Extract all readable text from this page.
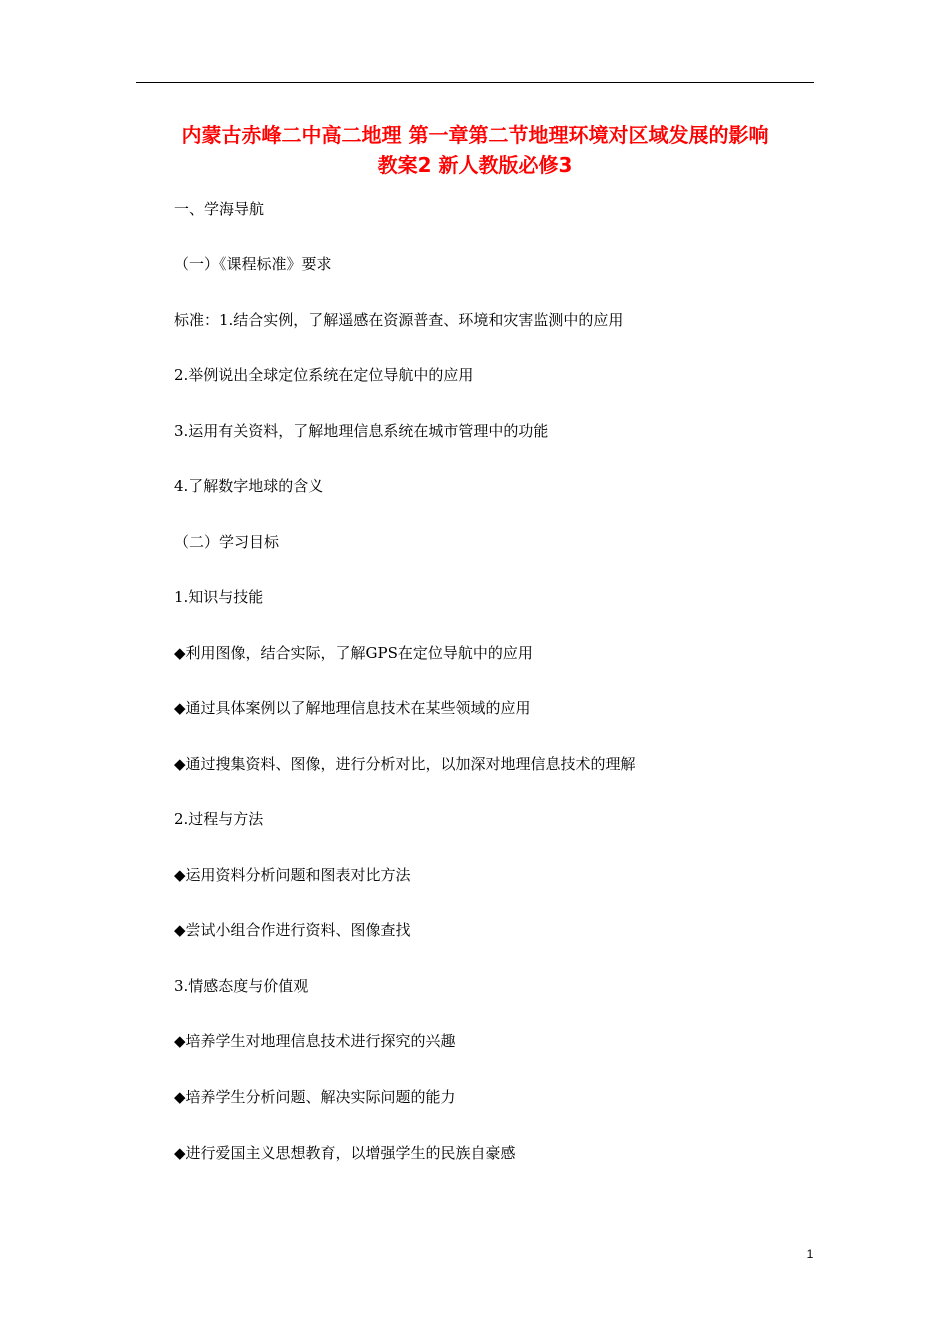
内蒙古赤峰二中高二地理 第一章第二节地理环境对区域发展的影响
教案2 新人教版必修3
一、学海导航
（一）《课程标准》要求
标准：1.结合实例，了解遥感在资源普查、环境和灾害监测中的应用
2.举例说出全球定位系统在定位导航中的应用
3.运用有关资料，了解地理信息系统在城市管理中的功能
4.了解数字地球的含义
（二）学习目标
1.知识与技能
◆利用图像，结合实际，了解GPS在定位导航中的应用
◆通过具体案例以了解地理信息技术在某些领域的应用
◆通过搜集资料、图像，进行分析对比，以加深对地理信息技术的理解
2.过程与方法
◆运用资料分析问题和图表对比方法
◆尝试小组合作进行资料、图像查找
3.情感态度与价值观
◆培养学生对地理信息技术进行探究的兴趣
◆培养学生分析问题、解决实际问题的能力
◆进行爱国主义思想教育，以增强学生的民族自豪感
1
